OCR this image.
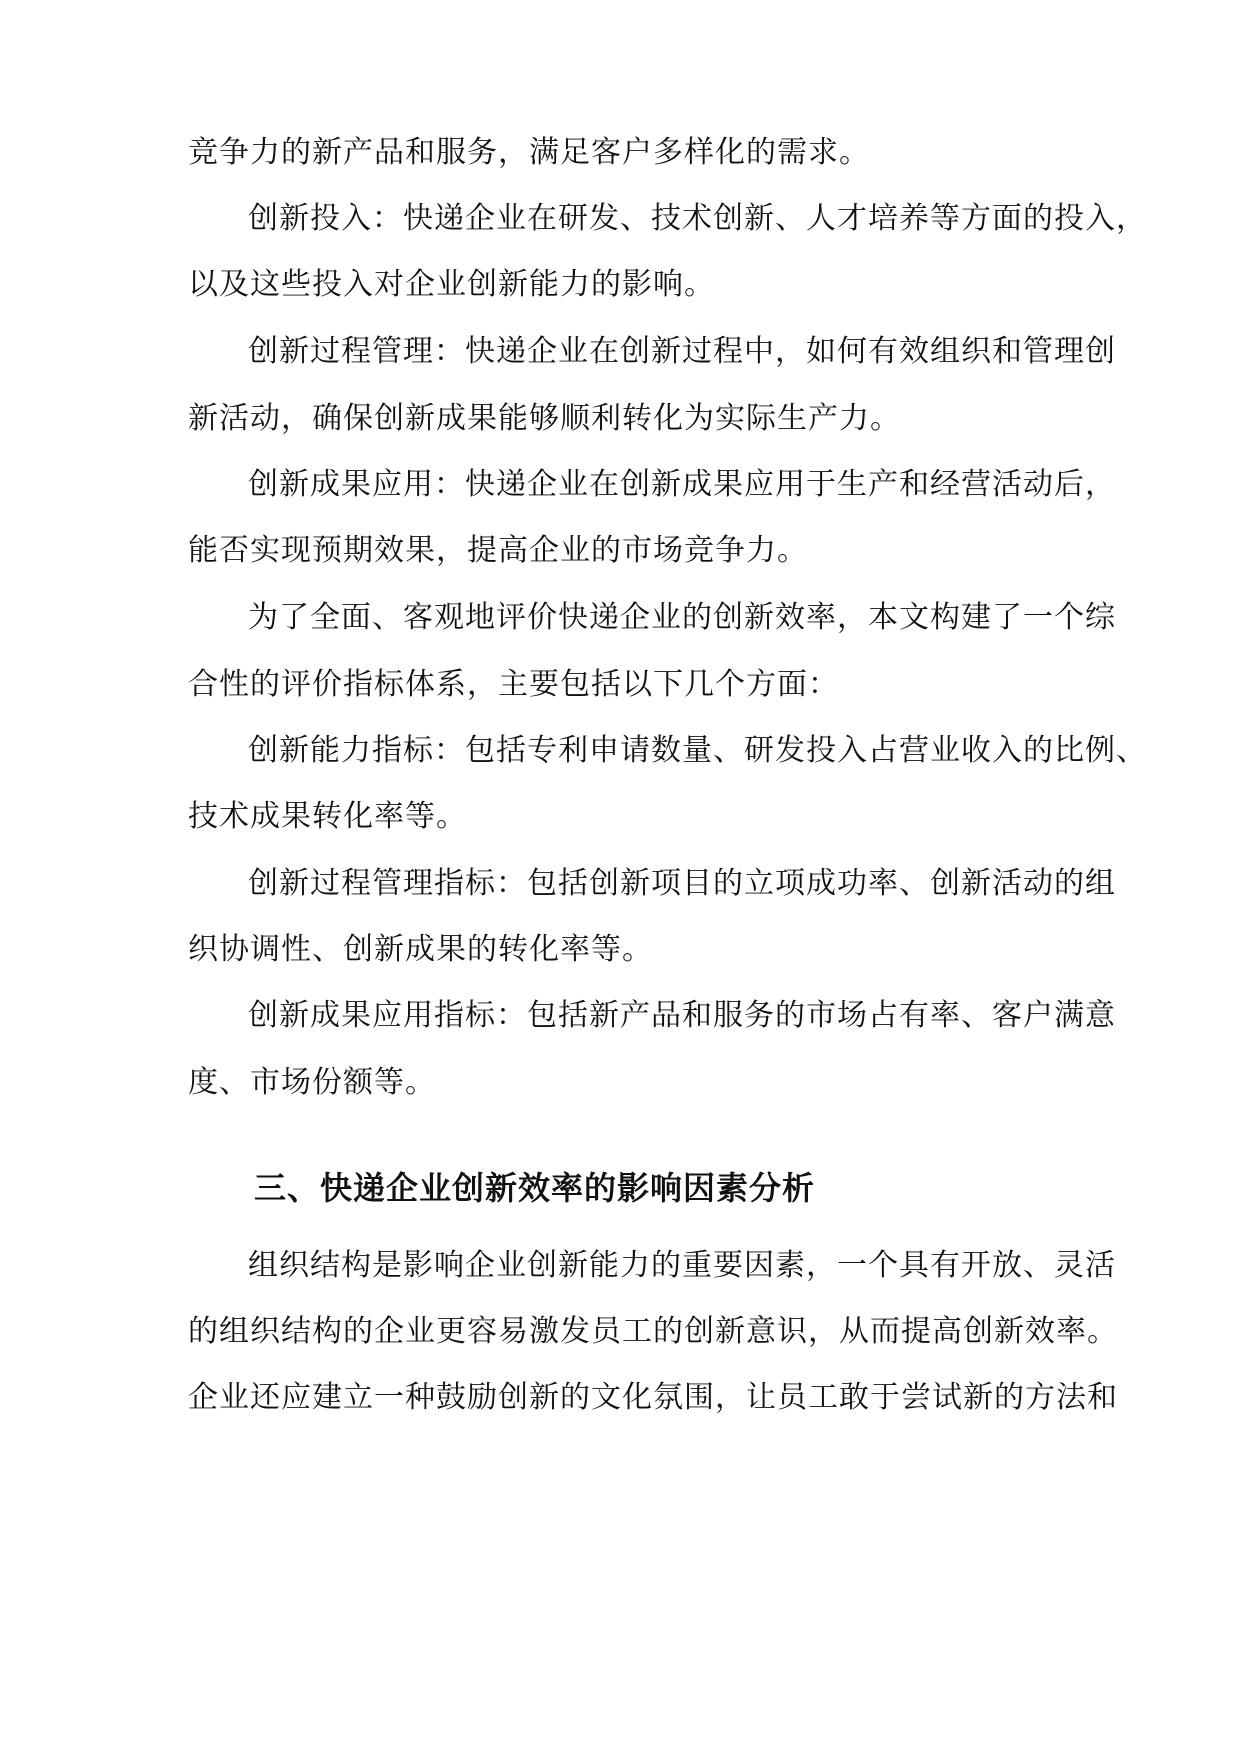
竞争力的新产品和服务，满足客户多样化的需求。
创新投入：快递企业在研发、技术创新、人才培养等方面的投入，
以及这些投入对企业创新能力的影响。
创新过程管理：快递企业在创新过程中，如何有效组织和管理创
新活动，确保创新成果能够顺利转化为实际生产力。
创新成果应用：快递企业在创新成果应用于生产和经营活动后，
能否实现预期效果，提高企业的市场竞争力。
为了全面、客观地评价快递企业的创新效率，本文构建了一个综
合性的评价指标体系，主要包括以下几个方面：
创新能力指标：包括专利申请数量、研发投入占营业收入的比例、
技术成果转化率等。
创新过程管理指标：包括创新项目的立项成功率、创新活动的组
织协调性、创新成果的转化率等。
创新成果应用指标：包括新产品和服务的市场占有率、客户满意
度、市场份额等。
三、快递企业创新效率的影响因素分析
组织结构是影响企业创新能力的重要因素，一个具有开放、灵活
的组织结构的企业更容易激发员工的创新意识，从而提高创新效率。
企业还应建立一种鼓励创新的文化氛围，让员工敢于尝试新的方法和
